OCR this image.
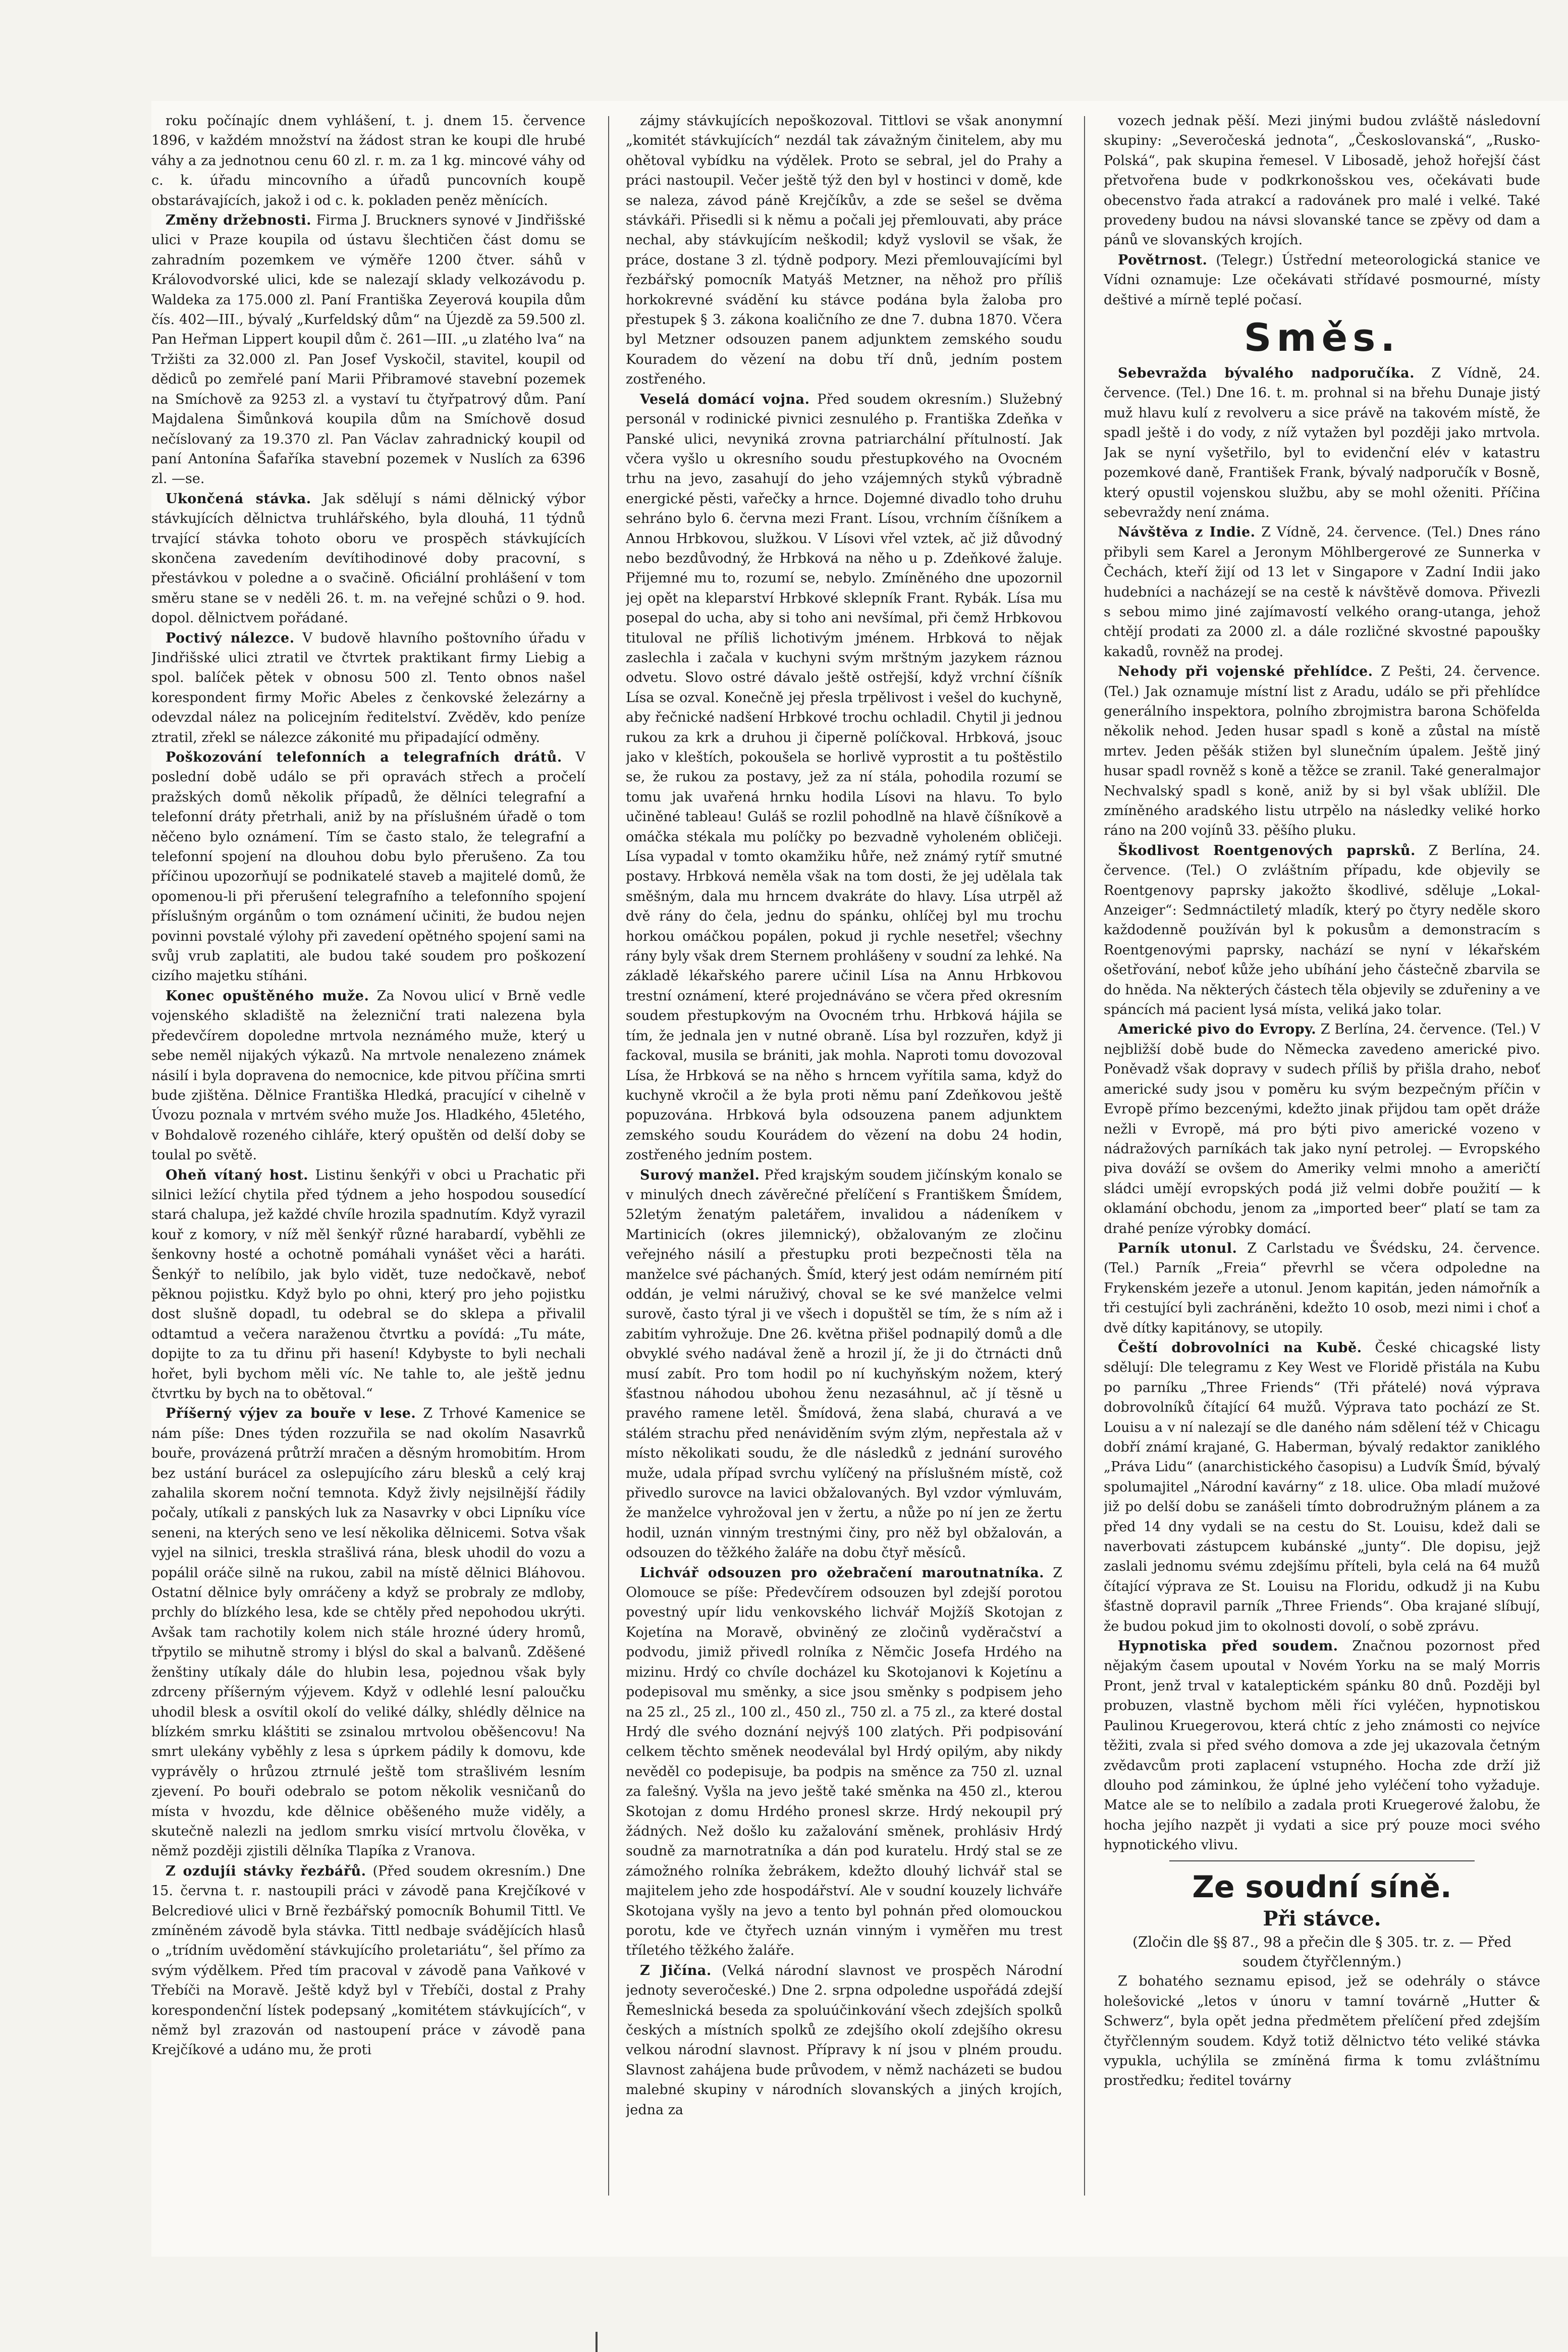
roku počínajíc dnem vyhlášení, t. j. dnem 15. července 1896, v každém množství na žádost stran ke koupi dle hrubé váhy a za jednotnou cenu 60 zl. r. m. za 1 kg. mincové váhy od c. k. úřadu mincovního a úřadů puncovních koupě obstarávajících, jakož i od c. k. pokladen peněz měnících.

Změny držebnosti. Firma J. Bruckners synové v Jindřišské ulici v Praze koupila od ústavu šlechtičen část domu se zahradním pozemkem ve výměře 1200 čtver. sáhů v Královodvorské ulici, kde se nalezají sklady velkozávodu p. Waldeka za 175.000 zl. Paní Františka Zeyerová koupila dům čís. 402—III., bývalý „Kurfeldský dům“ na Újezdě za 59.500 zl. Pan Heřman Lippert koupil dům č. 261—III. „u zlatého lva“ na Tržišti za 32.000 zl. Pan Josef Vyskočil, stavitel, koupil od dědiců po zemřelé paní Marii Přibramové stavební pozemek na Smíchově za 9253 zl. a vystaví tu čtyřpatrový dům. Paní Majdalena Šimůnková koupila dům na Smíchově dosud nečíslovaný za 19.370 zl. Pan Václav zahradnický koupil od paní Antonína Šafaříka stavební pozemek v Nuslích za 6396 zl. —se.

Ukončená stávka. Jak sdělují s námi dělnický výbor stávkujících dělnictva truhlářského, byla dlouhá, 11 týdnů trvající stávka tohoto oboru ve prospěch stávkujících skončena zavedením devítihodinové doby pracovní, s přestávkou v poledne a o svačině. Oficiální prohlášení v tom směru stane se v neděli 26. t. m. na veřejné schůzi o 9. hod. dopol. dělnictvem pořádané.

Poctivý nálezce. V budově hlavního poštovního úřadu v Jindřišské ulici ztratil ve čtvrtek praktikant firmy Liebig a spol. balíček pětek v obnosu 500 zl. Tento obnos našel korespondent firmy Mořic Abeles z čenkovské železárny a odevzdal nález na policejním ředitelství. Zvěděv, kdo peníze ztratil, zřekl se nálezce zákonité mu připadající odměny.

Poškozování telefonních a telegrafních drátů. V poslední době událo se při opravách střech a pročelí pražských domů několik případů, že dělníci telegrafní a telefonní dráty přetrhali, aniž by na příslušném úřadě o tom něčeno bylo oznámení. Tím se často stalo, že telegrafní a telefonní spojení na dlouhou dobu bylo přerušeno. Za tou příčinou upozorňují se podnikatelé staveb a majitelé domů, že opomenou-li při přerušení telegrafního a telefonního spojení příslušným orgánům o tom oznámení učiniti, že budou nejen povinni povstalé výlohy při zavedení opětného spojení sami na svůj vrub zaplatiti, ale budou také soudem pro poškození cizího majetku stíháni.

Konec opuštěného muže. Za Novou ulicí v Brně vedle vojenského skladiště na železniční trati nalezena byla předevčírem dopoledne mrtvola neznámého muže, který u sebe neměl nijakých výkazů. Na mrtvole nenalezeno známek násilí i byla dopravena do nemocnice, kde pitvou příčina smrti bude zjištěna. Dělnice Františka Hledká, pracující v cihelně v Úvozu poznala v mrtvém svého muže Jos. Hladkého, 45letého, v Bohdalově rozeného cihláře, který opuštěn od delší doby se toulal po světě.

Oheň vítaný host. Listinu šenkýři v obci u Prachatic při silnici ležící chytila před týdnem a jeho hospodou sousedící stará chalupa, jež každé chvíle hrozila spadnutím. Když vyrazil kouř z komory, v níž měl šenkýř různé harabardí, vyběhli ze šenkovny hosté a ochotně pomáhali vynášet věci a haráti. Šenkýř to nelíbilo, jak bylo vidět, tuze nedočkavě, neboť pěknou pojistku. Když bylo po ohni, který pro jeho pojistku dost slušně dopadl, tu odebral se do sklepa a přivalil odtamtud a večera naraženou čtvrtku a povídá: „Tu máte, dopijte to za tu dřinu při hasení! Kdybyste to byli nechali hořet, byli bychom měli víc. Ne tahle to, ale ještě jednu čtvrtku by bych na to obětoval.“

Příšerný výjev za bouře v lese. Z Trhové Kamenice se nám píše: Dnes týden rozzuřila se nad okolím Nasavrků bouře, provázená průtrží mračen a děsným hromobitím. Hrom bez ustání burácel za oslepujícího záru blesků a celý kraj zahalila skorem noční temnota. Když živly nejsilnější řádily počaly, utíkali z panských luk za Nasavrky v obci Lipníku více seneni, na kterých seno ve lesí několika dělnicemi. Sotva však vyjel na silnici, treskla strašlivá rána, blesk uhodil do vozu a popálil oráče silně na rukou, zabil na místě dělnici Bláhovou. Ostatní dělnice byly omráčeny a když se probraly ze mdloby, prchly do blízkého lesa, kde se chtěly před nepohodou ukrýti. Avšak tam rachotily kolem nich stále hrozné údery hromů, třpytilo se mihutně stromy i blýsl do skal a balvanů. Zděšené ženštiny utíkaly dále do hlubin lesa, pojednou však byly zdrceny příšerným výjevem. Když v odlehlé lesní paloučku uhodil blesk a osvítil okolí do veliké dálky, shlédly dělnice na blízkém smrku kláštiti se zsinalou mrtvolou oběšencovu! Na smrt ulekány vyběhly z lesa s úprkem pádily k domovu, kde vyprávěly o hrůzou ztrnulé ještě tom strašlivém lesním zjevení. Po bouři odebralo se potom několik vesničanů do místa v hvozdu, kde dělnice oběšeného muže viděly, a skutečně nalezli na jedlom smrku visící mrtvolu člověka, v němž později zjistili dělníka Tlapíka z Vranova.

Z ozdujíi stávky řezbářů. (Před soudem okresním.) Dne 15. června t. r. nastoupili práci v závodě pana Krejčíkové v Belcrediové ulici v Brně řezbářský pomocník Bohumil Tittl. Ve zmíněném závodě byla stávka. Tittl nedbaje svádějících hlasů o „trídním uvědomění stávkujícího proletariátu“, šel přímo za svým výdělkem. Před tím pracoval v závodě pana Vaňkové v Třebíči na Moravě. Ještě když byl v Třebíči, dostal z Prahy korespondenční lístek podepsaný „komitétem stávkujících“, v němž byl zrazován od nastoupení práce v závodě pana Krejčíkové a udáno mu, že proti

zájmy stávkujících nepoškozoval. Tittlovi se však anonymní „komitét stávkujících“ nezdál tak závažným činitelem, aby mu ohětoval vybídku na výdělek. Proto se sebral, jel do Prahy a práci nastoupil. Večer ještě týž den byl v hostinci v domě, kde se naleza, závod páně Krejčíkův, a zde se sešel se dvěma stávkáři. Přisedli si k němu a počali jej přemlouvati, aby práce nechal, aby stávkujícím neškodil; když vyslovil se však, že práce, dostane 3 zl. týdně podpory. Mezi přemlouvajícími byl řezbářský pomocník Matyáš Metzner, na něhož pro příliš horkokrevné svádění ku stávce podána byla žaloba pro přestupek § 3. zákona koaličního ze dne 7. dubna 1870. Včera byl Metzner odsouzen panem adjunktem zemského soudu Kouradem do vězení na dobu tří dnů, jedním postem zostřeného.

Veselá domácí vojna. Před soudem okresním.) Služebný personál v rodinické pivnici zesnulého p. Františka Zdeňka v Panské ulici, nevyniká zrovna patriarchální přítulností. Jak včera vyšlo u okresního soudu přestupkového na Ovocném trhu na jevo, zasahují do jeho vzájemných styků výbradně energické pěsti, vařečky a hrnce. Dojemné divadlo toho druhu sehráno bylo 6. června mezi Frant. Lísou, vrchním číšníkem a Annou Hrbkovou, služkou. V Lísovi vřel vztek, ač již důvodný nebo bezdůvodný, že Hrbková na něho u p. Zdeňkové žaluje. Přijemné mu to, rozumí se, nebylo. Zmíněného dne upozornil jej opět na kleparství Hrbkové sklepník Frant. Rybák. Lísa mu posepal do ucha, aby si toho ani nevšímal, při čemž Hrbkovou tituloval ne příliš lichotivým jménem. Hrbková to nějak zaslechla i začala v kuchyni svým mrštným jazykem ráznou odvetu. Slovo ostré dávalo ještě ostřejší, když vrchní číšník Lísa se ozval. Konečně jej přeslа trpělivost i vešel do kuchyně, aby řečnické nadšení Hrbkové trochu ochladil. Chytil ji jednou rukou za krk a druhou ji čiperně políčkoval. Hrbková, jsouc jako v kleštích, pokoušela se horlivě vyprostit a tu poštěstilo se, že rukou za postavy, jež za ní stála, pohodila rozumí se tomu jak uvařená hrnku hodila Lísovi na hlavu. To bylo učiněné tableau! Guláš se rozlil pohodlně na hlavě číšníkově a omáčka stékala mu políčky po bezvadně vyholeném obličeji. Lísa vypadal v tomto okamžiku hůře, než známý rytíř smutné postavy. Hrbková neměla však na tom dosti, že jej udělala tak směšným, dala mu hrncem dvakráte do hlavy. Lísa utrpěl až dvě rány do čela, jednu do spánku, ohlíčej byl mu trochu horkou omáčkou popálen, pokud ji rychle nesetřel; všechny rány byly však drem Sternem prohlášeny v soudní za lehké. Na základě lékařského parere učinil Lísa na Annu Hrbkovou trestní oznámení, které projednáváno se včera před okresním soudem přestupkovým na Ovocném trhu. Hrbková hájila se tím, že jednala jen v nutné obraně. Lísa byl rozzuřen, když ji fackoval, musila se brániti, jak mohla. Naproti tomu dovozoval Lísa, že Hrbková se na něho s hrncem vyřítila sama, když do kuchyně vkročil a že byla proti němu paní Zdeňkovou ještě popuzována. Hrbková byla odsouzena panem adjunktem zemského soudu Kourádem do vězení na dobu 24 hodin, zostřeného jedním postem.

Surový manžel. Před krajským soudem jičínským konalo se v minulých dnech závěrečné přelíčení s Františkem Šmídem, 52letým ženatým paletářem, invalidou a nádeníkem v Martinicích (okres jilemnický), obžalovaným ze zločinu veřejného násilí a přestupku proti bezpečnosti těla na manželce své páchaných. Šmíd, který jest odám nemírném pití oddán, je velmi náruživý, choval se ke své manželce velmi surově, často týral ji ve všech i dopuštěl se tím, že s ním až i zabitím vyhrožuje. Dne 26. května přišel podnapilý domů a dle obvyklé svého nadával ženě a hrozil jí, že ji do čtrnácti dnů musí zabít. Pro tom hodil po ní kuchyňským nožem, který šťastnou náhodou ubohou ženu nezasáhnul, ač jí těsně u pravého ramene letěl. Šmídová, žena slabá, churavá a ve stálém strachu před nenáviděním svým zlým, nepřestala až v místo několikati soudu, že dle následků z jednání surového muže, udala případ svrchu vylíčený na příslušném místě, což přivedlo surovce na lavici obžalovaných. Byl vzdor výmluvám, že manželce vyhrožoval jen v žertu, a nůže po ní jen ze žertu hodil, uznán vinným trestnými činy, pro něž byl obžalován, a odsouzen do těžkého žaláře na dobu čtyř měsíců.

Lichvář odsouzen pro ožebračení maroutnatníka. Z Olomouce se píše: Předevčírem odsouzen byl zdejší porotou povestný upír lidu venkovského lichvář Mojžíš Skotojan z Kojetína na Moravě, obviněný ze zločinů vyděračství a podvodu, jimiž přivedl rolníka z Němčic Josefa Hrdého na mizinu. Hrdý co chvíle docházel ku Skotojanovi k Kojetínu a podepisoval mu směnky, a sice jsou směnky s podpisem jeho na 25 zl., 25 zl., 100 zl., 450 zl., 750 zl. a 75 zl., za které dostal Hrdý dle svého doznání nejvýš 100 zlatých. Při podpisování celkem těchto směnek neodeválal byl Hrdý opilým, aby nikdy nevěděl co podepisuje, ba podpis na směnce za 750 zl. uznal za falešný. Vyšla na jevo ještě také směnka na 450 zl., kterou Skotojan z domu Hrdého pronesl skrze. Hrdý nekoupil prý žádných. Než došlo ku zažalování směnek, prohlásiv Hrdý soudně za marnotratníka a dán pod kuratelu. Hrdý stal se ze zámožného rolníka žebrákem, kdežto dlouhý lichvář stal se majitelem jeho zde hospodářství. Ale v soudní kouzely lichváře Skotojana vyšly na jevo a tento byl pohnán před olomouckou porotu, kde ve čtyřech uznán vinným i vyměřen mu trest tříletého těžkého žaláře.

Z Jičína. (Velká národní slavnost ve prospěch Národní jednoty severočeské.) Dne 2. srpna odpoledne uspořádá zdejší Řemeslnická beseda za spoluúčinkování všech zdejších spolků českých a místních spolků ze zdejšího okolí zdejšího okresu velkou národní slavnost. Přípravy k ní jsou v plném proudu. Slavnost zahájena bude průvodem, v němž nacházeti se budou malebné skupiny v národních slovanských a jiných krojích, jedna za

vozech jednak pěší. Mezi jinými budou zvláště následovní skupiny: „Severočeská jednota“, „Českoslovanská“, „Rusko-Polská“, pak skupina řemesel. V Libosadě, jehož hořejší část přetvořena bude v podkrkonošskou ves, očekávati bude obecenstvo řada atrakcí a radovánek pro malé i velké. Také provedeny budou na návsi slovanské tance se zpěvy od dam a pánů ve slovanských krojích.

Povětrnost. (Telegr.) Ústřední meteorologická stanice ve Vídni oznamuje: Lze očekávati střídavé posmourné, místy deštivé a mírně teplé počasí.

Směs.

Sebevražda bývalého nadporučíka. Z Vídně, 24. července. (Tel.) Dne 16. t. m. prohnal si na břehu Dunaje jistý muž hlavu kulí z revolveru a sice právě na takovém místě, že spadl ještě i do vody, z níž vytažen byl později jako mrtvola. Jak se nyní vyšetřilo, byl to evidenční elév v katastru pozemkové daně, František Frank, bývalý nadporučík v Bosně, který opustil vojenskou službu, aby se mohl oženiti. Příčina sebevraždy není známa.

Návštěva z Indie. Z Vídně, 24. července. (Tel.) Dnes ráno přibyli sem Karel a Jeronym Möhlbergerové ze Sunnerka v Čechách, kteří žijí od 13 let v Singapore v Zadní Indii jako hudebníci a nacházejí se na cestě k návštěvě domova. Přivezli s sebou mimo jiné zajímavostí velkého orang-utanga, jehož chtějí prodati za 2000 zl. a dále rozličné skvostné papoušky kakadů, rovněž na prodej.

Nehody při vojenské přehlídce. Z Pešti, 24. července. (Tel.) Jak oznamuje místní list z Aradu, událo se při přehlídce generálního inspektora, polního zbrojmistra barona Schöfelda několik nehod. Jeden husar spadl s koně a zůstal na místě mrtev. Jeden pěšák stižen byl slunečním úpalem. Ještě jiný husar spadl rovněž s koně a těžce se zranil. Také generalmajor Nechvalský spadl s koně, aniž by si byl však ublížil. Dle zmíněného aradského listu utrpělo na následky veliké horko ráno na 200 vojínů 33. pěšího pluku.

Škodlivost Roentgenových paprsků. Z Berlína, 24. července. (Tel.) O zvláštním případu, kde objevily se Roentgenovy paprsky jakožto škodlivé, sděluje „Lokal-Anzeiger“: Sedmnáctiletý mladík, který po čtyry neděle skoro každodenně používán byl k pokusům a demonstracím s Roentgenovými paprsky, nachází se nyní v lékařském ošetřování, neboť kůže jeho ubíhání jeho částečně zbarvila se do hněda. Na některých částech těla objevily se zduřeniny a ve spáncích má pacient lysá místa, veliká jako tolar.

Americké pivo do Evropy. Z Berlína, 24. července. (Tel.) V nejbližší době bude do Německa zavedeno americké pivo. Poněvadž však dopravy v sudech příliš by přišla draho, neboť americké sudy jsou v poměru ku svým bezpečným příčin v Evropě přímo bezcenými, kdežto jinak přijdou tam opět dráže nežli v Evropě, má pro býti pivo americké vozeno v nádražových parníkách tak jako nyní petrolej. — Evropského piva dováží se ovšem do Ameriky velmi mnoho a američtí sládci umějí evropských podá již velmi dobře použití — k oklamání obchodu, jenom za „imported beer“ platí se tam za drahé peníze výrobky domácí.

Parník utonul. Z Carlstadu ve Švédsku, 24. července. (Tel.) Parník „Freia“ převrhl se včera odpoledne na Frykenském jezeře a utonul. Jenom kapitán, jeden námořník a tři cestující byli zachráněni, kdežto 10 osob, mezi nimi i choť a dvě dítky kapitánovy, se utopily.

Čeští dobrovolníci na Kubě. České chicagské listy sdělují: Dle telegramu z Key West ve Floridě přistála na Kubu po parníku „Three Friends“ (Tři přátelé) nová výprava dobrovolníků čítající 64 mužů. Výprava tato pochází ze St. Louisu a v ní nalezají se dle daného nám sdělení též v Chicagu dobří známí krajané, G. Haberman, bývalý redaktor zaniklého „Práva Lidu“ (anarchistického časopisu) a Ludvík Šmíd, bývalý spolumajitel „Národní kavárny“ z 18. ulice. Oba mladí mužové již po delší dobu se zanášeli tímto dobrodružným plánem a za před 14 dny vydali se na cestu do St. Louisu, kdež dali se naverbovati zástupcem kubánské „junty“. Dle dopisu, jejž zaslali jednomu svému zdejšímu příteli, byla celá na 64 mužů čítající výprava ze St. Louisu na Floridu, odkudž ji na Kubu šťastně dopravil parník „Three Friends“. Oba krajané slíbují, že budou pokud jim to okolnosti dovolí, o sobě zprávu.

Hypnotiska před soudem. Značnou pozornost před nějakým časem upoutal v Novém Yorku na se malý Morris Pront, jenž trval v kataleptickém spánku 80 dnů. Později byl probuzen, vlastně bychom měli říci vyléčen, hypnotiskou Paulinou Kruegerovou, která chtíc z jeho známosti co nejvíce těžiti, zvala si před svého domova a zde jej ukazovala četným zvědavcům proti zaplacení vstupného. Hocha zde drží již dlouho pod záminkou, že úplné jeho vyléčení toho vyžaduje. Matce ale se to nelíbilo a zadala proti Kruegerové žalobu, že hocha jejího nazpět ji vydati a sice prý pouze moci svého hypnotického vlivu.

Ze soudní síně.
Při stávce.

(Zločin dle §§ 87., 98 a přečin dle § 305. tr. z. — Před soudem čtyřčlenným.)

Z bohatého seznamu episod, jež se odehrály o stávce holešovické „letos v únoru v tamní továrně „Hutter & Schwerz“, byla opět jedna předmětem přelíčení před zdejším čtyřčlenným soudem. Když totiž dělnictvo této veliké stávka vypukla, uchýlila se zmíněná firma k tomu zvláštnímu prostředku; ředitel továrny
